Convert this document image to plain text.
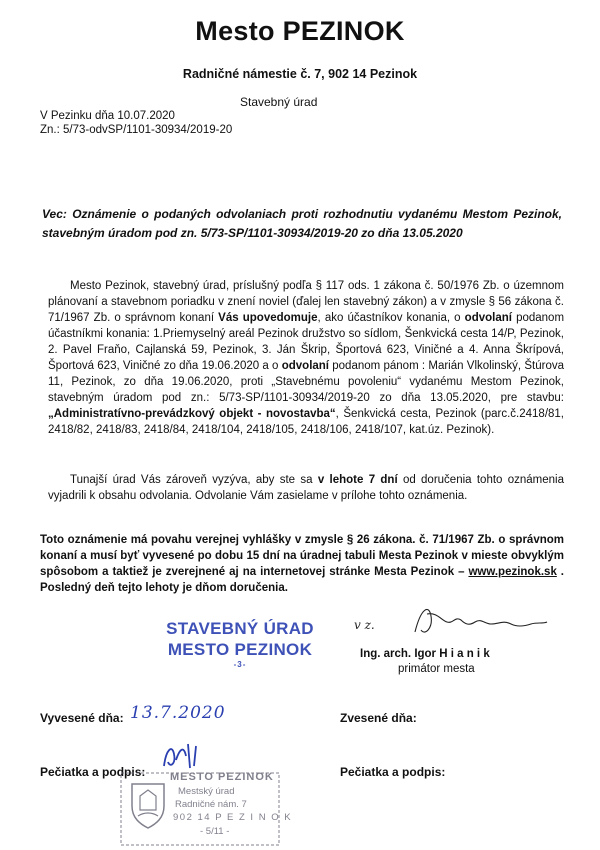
Mesto PEZINOK
Radničné námestie č. 7, 902 14 Pezinok
Stavebný úrad
V Pezinku dňa 10.07.2020
Zn.: 5/73-odvSP/1101-30934/2019-20
Vec: Oznámenie o podaných odvolaniach proti rozhodnutiu vydanému Mestom Pezinok, stavebným úradom pod zn. 5/73-SP/1101-30934/2019-20 zo dňa 13.05.2020

Mesto Pezinok, stavebný úrad, príslušný podľa § 117 ods. 1 zákona č. 50/1976 Zb. o územnom plánovaní a stavebnom poriadku v znení noviel (ďalej len stavebný zákon) a v zmysle § 56 zákona č. 71/1967 Zb. o správnom konaní Vás upovedomuje, ako účastníkov konania, o odvolaní podanom účastníkmi konania: 1.Priemyselný areál Pezinok družstvo so sídlom, Šenkvická cesta 14/P, Pezinok, 2. Pavel Fraňo, Cajlanská 59, Pezinok, 3. Ján Škrip, Športová 623, Viničné a 4. Anna Škrípová, Športová 623, Viničné zo dňa 19.06.2020 a o odvolaní podanom pánom : Marián Vlkolinský, Štúrova 11, Pezinok, zo dňa 19.06.2020, proti „Stavebnému povoleniu“ vydanému Mestom Pezinok, stavebným úradom pod zn.: 5/73-SP/1101-30934/2019-20 zo dňa 13.05.2020, pre stavbu:„Administratívno-prevádzkový objekt - novostavba“, Šenkvická cesta, Pezinok (parc.č.2418/81, 2418/82, 2418/83, 2418/84, 2418/104, 2418/105, 2418/106, 2418/107, kat.úz. Pezinok).

Tunajší úrad Vás zároveň vyzýva, aby ste sa v lehote 7 dní od doručenia tohto oznámenia vyjadrili k obsahu odvolania. Odvolanie Vám zasielame v prílohe tohto oznámenia.

Toto oznámenie má povahu verejnej vyhlášky v zmysle § 26 zákona. č. 71/1967 Zb. o správnom konaní a musí byť vyvesené po dobu 15 dní na úradnej tabuli Mesta Pezinok v mieste obvyklým spôsobom a taktiež je zverejnené aj na internetovej stránke Mesta Pezinok – www.pezinok.sk . Posledný deň tejto lehoty je dňom doručenia.
STAVEBNÝ ÚRAD
MESTO PEZINOK
-3-
v z.
Ing. arch. Igor H i a n i k
primátor mesta
Vyvesené dňa: 13.7.2020	Zvesené dňa:
Pečiatka a podpis:	Pečiatka a podpis:
MESTO PEZINOK
Mestský úrad
Radničné nám. 7
902 14 P E Z I N O K
- 5/11 -
